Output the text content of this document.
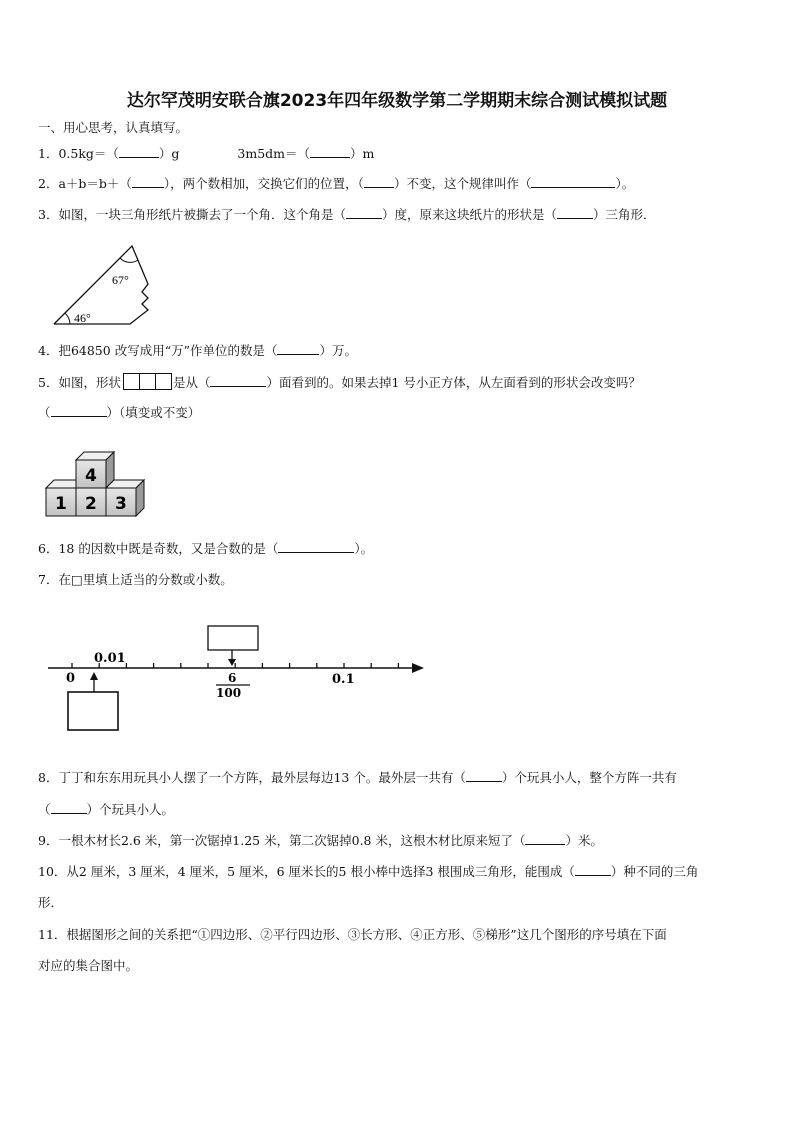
达尔罕茂明安联合旗2023年四年级数学第二学期期末综合测试模拟试题
一、用心思考，认真填写。
1．0.5kg＝（	）g	3m5dm＝（	）m
2．a＋b＝b＋（	），两个数相加，交换它们的位置，（ ）不变，这个规律叫作（	）。
3．如图，一块三角形纸片被撕去了一个角．这个角是（	）度，原来这块纸片的形状是（	）三角形．
67°
46°
4．把64850 改写成用“万”作单位的数是（	）万。
5．如图，形状	是从（	）面看到的。如果去掉1 号小正方体，从左面看到的形状会改变吗？
（	）（填变或不变）
4
1 2 3
6．18 的因数中既是奇数，又是合数的是（	）。
7．在□里填上适当的分数或小数。
0.01
0	6
100
0.1
8．丁丁和东东用玩具小人摆了一个方阵，最外层每边13 个。最外层一共有（	）个玩具小人，整个方阵一共有
（	）个玩具小人。
9．一根木材长2.6 米，第一次锯掉1.25 米，第二次锯掉0.8 米，这根木材比原来短了（	）米。
10．从2 厘米，3 厘米，4 厘米，5 厘米，6 厘米长的5 根小棒中选择3 根围成三角形，能围成（	）种不同的三角
形．
11．根据图形之间的关系把“①四边形、②平行四边形、③长方形、④正方形、⑤梯形”这几个图形的序号填在下面
对应的集合图中。
